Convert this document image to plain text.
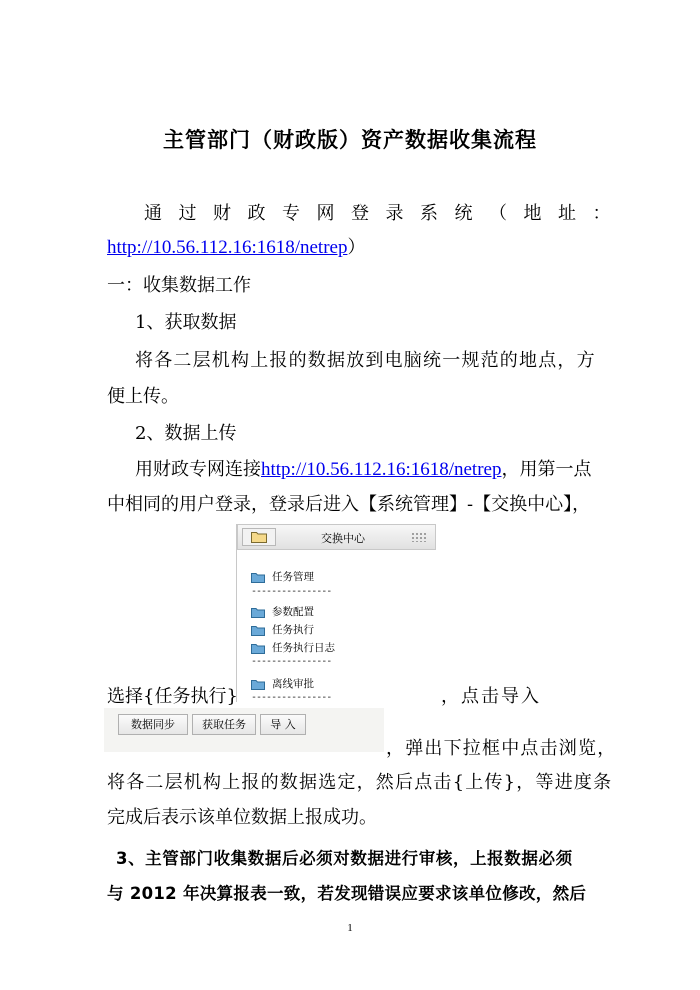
主管部门（财政版）资产数据收集流程
通过财政专网登录系统（地址：
http://10.56.112.16:1618/netrep）
一：收集数据工作
1、获取数据
将各二层机构上报的数据放到电脑统一规范的地点，方
便上传。
2、数据上传
用财政专网连接http://10.56.112.16:1618/netrep，用第一点
中相同的用户登录，登录后进入【系统管理】-【交换中心】，
交换中心
任务管理
----------------
参数配置
任务执行
任务执行日志
----------------
离线审批
----------------
选择{任务执行}	，点击导入
数据同步	获取任务	导 入
，弹出下拉框中点击浏览，
将各二层机构上报的数据选定，然后点击{上传}，等进度条
完成后表示该单位数据上报成功。
3、主管部门收集数据后必须对数据进行审核，上报数据必须
与 2012 年决算报表一致，若发现错误应要求该单位修改，然后
1
